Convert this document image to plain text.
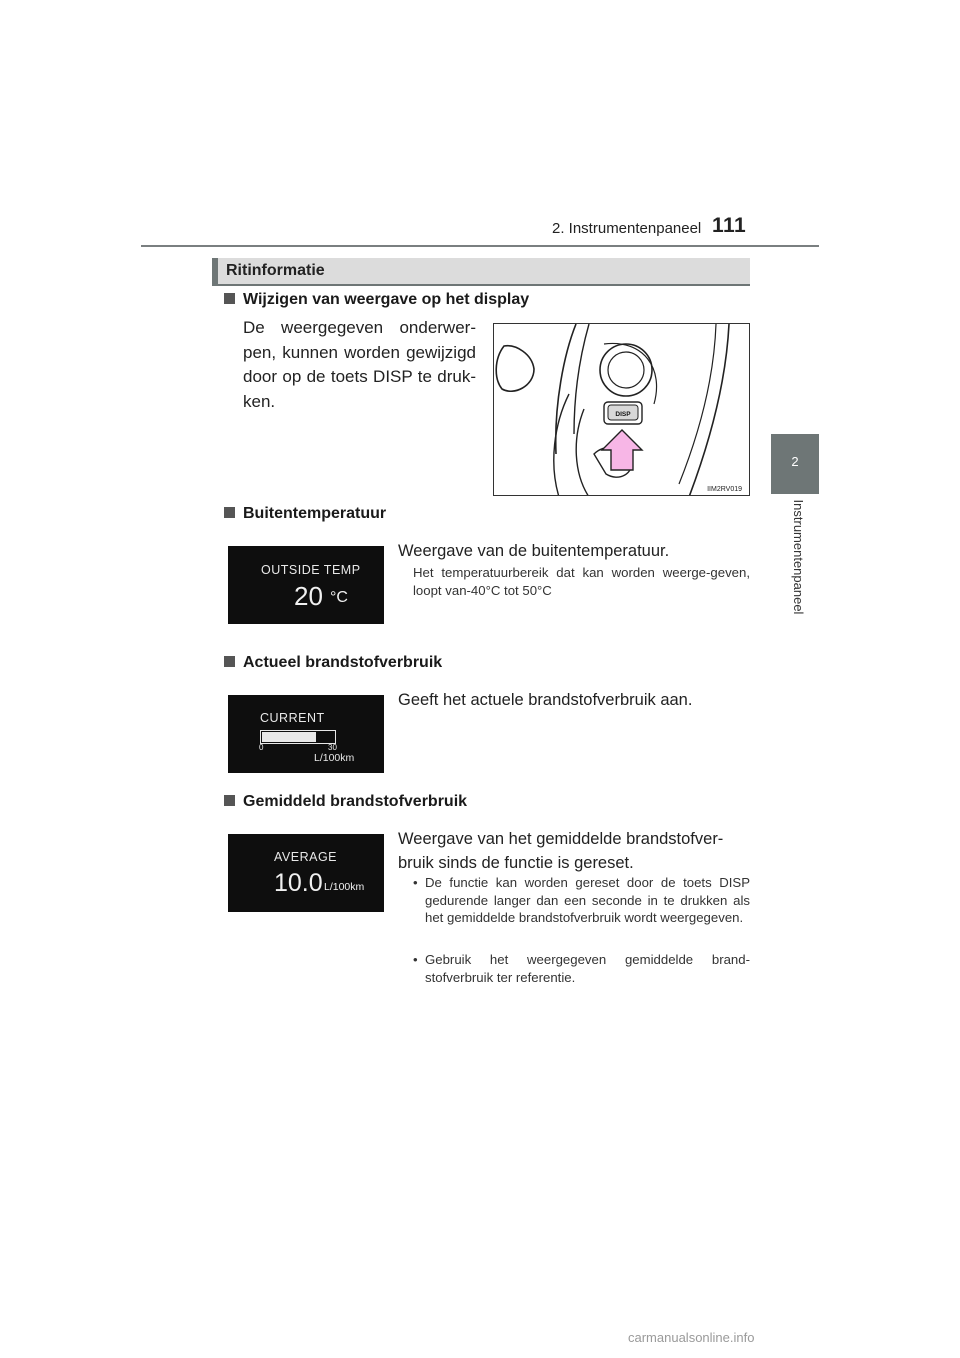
2. Instrumentenpaneel 111
2
Instrumentenpaneel
Ritinformatie
Wijzigen van weergave op het display
De weergegeven onderwer-pen, kunnen worden gewijzigd door op de toets DISP te druk-ken.
DISP
IIM2RV019
Buitentemperatuur
OUTSIDE TEMP
20 °C
Weergave van de buitentemperatuur.
Het temperatuurbereik dat kan worden weerge-geven, loopt van-40°C tot 50°C
Actueel brandstofverbruik
CURRENT
0	30
L/100km
Geeft het actuele brandstofverbruik aan.
Gemiddeld brandstofverbruik
AVERAGE
10.0 L/100km
Weergave van het gemiddelde brandstofver-bruik sinds de functie is gereset.
• De functie kan worden gereset door de toets DISP gedurende langer dan een seconde in te drukken als het gemiddelde brandstofverbruik wordt weergegeven.
• Gebruik het weergegeven gemiddelde brand-stofverbruik ter referentie.
carmanualsonline.info
